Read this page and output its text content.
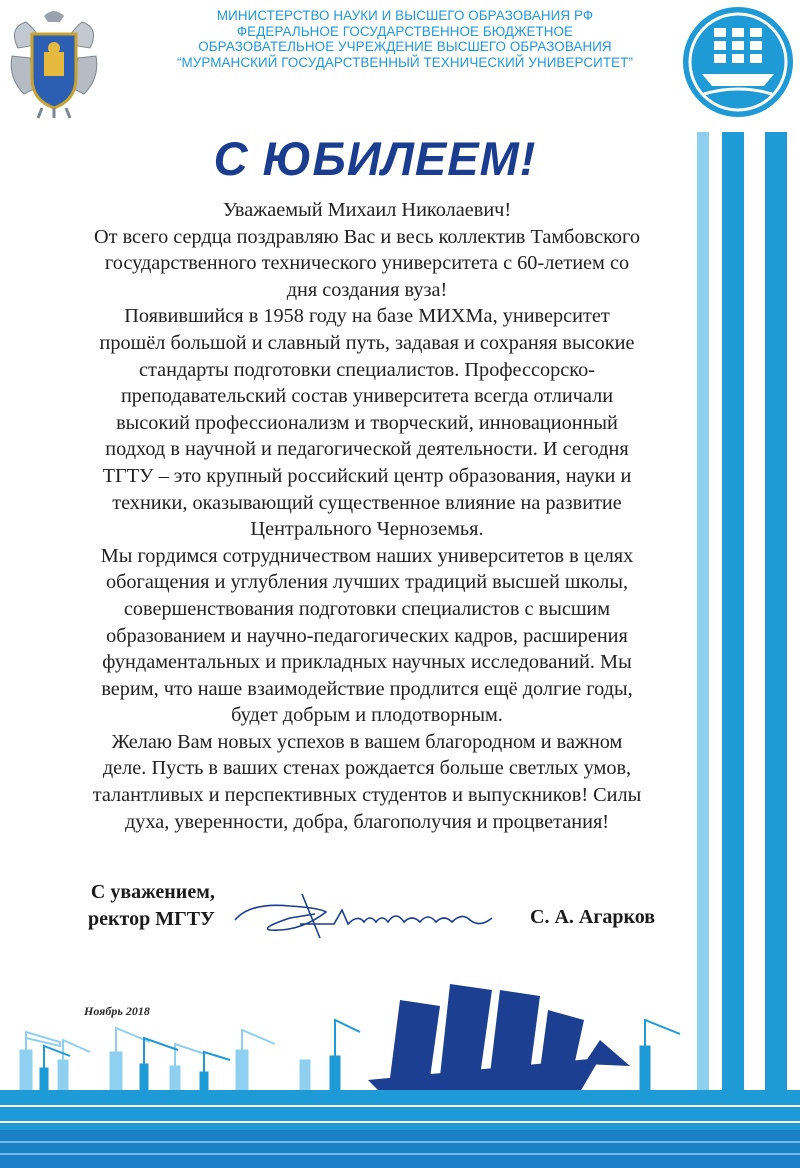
МИНИСТЕРСТВО НАУКИ И ВЫСШЕГО ОБРАЗОВАНИЯ РФ
ФЕДЕРАЛЬНОЕ ГОСУДАРСТВЕННОЕ БЮДЖЕТНОЕ
ОБРАЗОВАТЕЛЬНОЕ УЧРЕЖДЕНИЕ ВЫСШЕГО ОБРАЗОВАНИЯ
“МУРМАНСКИЙ ГОСУДАРСТВЕННЫЙ ТЕХНИЧЕСКИЙ УНИВЕРСИТЕТ”
С ЮБИЛЕЕМ!
Уважаемый Михаил Николаевич!
От всего сердца поздравляю Вас и весь коллектив Тамбовского
государственного технического университета с 60-летием со
дня создания вуза!
Появившийся в 1958 году на базе МИХМа, университет
прошёл большой и славный путь, задавая и сохраняя высокие
стандарты подготовки специалистов. Профессорско-
преподавательский состав университета всегда отличали
высокий профессионализм и творческий, инновационный
подход в научной и педагогической деятельности. И сегодня
ТГТУ – это крупный российский центр образования, науки и
техники, оказывающий существенное влияние на развитие
Центрального Черноземья.
Мы гордимся сотрудничеством наших университетов в целях
обогащения и углубления лучших традиций высшей школы,
совершенствования подготовки специалистов с высшим
образованием и научно-педагогических кадров, расширения
фундаментальных и прикладных научных исследований. Мы
верим, что наше взаимодействие продлится ещё долгие годы,
будет добрым и плодотворным.
Желаю Вам новых успехов в вашем благородном и важном
деле. Пусть в ваших стенах рождается больше светлых умов,
талантливых и перспективных студентов и выпускников! Силы
духа, уверенности, добра, благополучия и процветания!
С уважением,
ректор МГТУ	С. А. Агарков
Ноябрь 2018
